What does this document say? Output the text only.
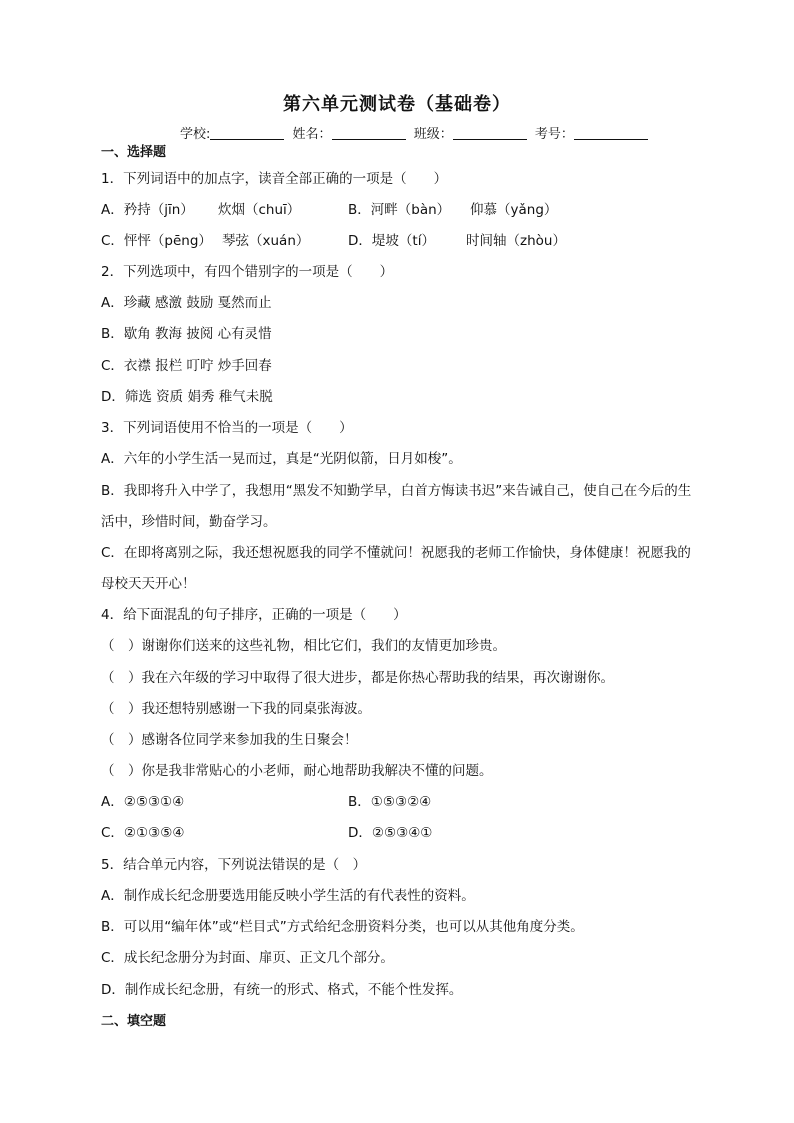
第六单元测试卷（基础卷）
学校:	姓名：	班级：	考号：
一、选择题
1．下列词语中的加点字，读音全部正确的一项是（　　）
A．矜持（jīn） 炊烟（chuī）	B．河畔（bàn） 仰慕（yǎng）
C．怦怦（pēng） 琴弦（xuán）	D．堤坡（tí） 时间轴（zhòu）
2．下列选项中，有四个错别字的一项是（　　）
A．珍藏 感激 鼓励 戛然而止
B．歇角 教海 披阅 心有灵惜
C．衣襟 报栏 叮咛 炒手回春
D．筛选 资质 娟秀 稚气未脱
3．下列词语使用不恰当的一项是（　　）
A．六年的小学生活一晃而过，真是“光阴似箭，日月如梭”。
B．我即将升入中学了，我想用“黑发不知勤学早，白首方悔读书迟”来告诫自己，使自己在今后的生
活中，珍惜时间，勤奋学习。
C．在即将离别之际，我还想祝愿我的同学不懂就问！祝愿我的老师工作愉快，身体健康！祝愿我的
母校天天开心！
4．给下面混乱的句子排序，正确的一项是（　　）
（　）谢谢你们送来的这些礼物，相比它们，我们的友情更加珍贵。
（　）我在六年级的学习中取得了很大进步，都是你热心帮助我的结果，再次谢谢你。
（　）我还想特别感谢一下我的同桌张海波。
（　）感谢各位同学来参加我的生日聚会！
（　）你是我非常贴心的小老师，耐心地帮助我解决不懂的问题。
A．②⑤③①④	B．①⑤③②④
C．②①③⑤④	D．②⑤③④①
5．结合单元内容，下列说法错误的是（　）
A．制作成长纪念册要选用能反映小学生活的有代表性的资料。
B．可以用“编年体”或“栏目式”方式给纪念册资料分类，也可以从其他角度分类。
C．成长纪念册分为封面、扉页、正文几个部分。
D．制作成长纪念册，有统一的形式、格式，不能个性发挥。
二、填空题
